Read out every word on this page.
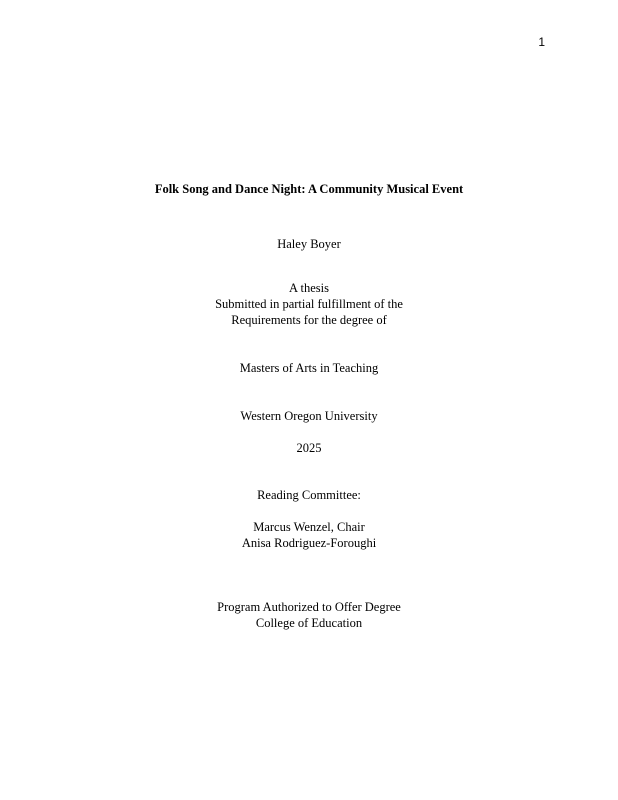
1
Folk Song and Dance Night: A Community Musical Event
Haley Boyer
A thesis
Submitted in partial fulfillment of the
Requirements for the degree of
Masters of Arts in Teaching
Western Oregon University
2025
Reading Committee:
Marcus Wenzel, Chair
Anisa Rodriguez-Foroughi
Program Authorized to Offer Degree
College of Education
